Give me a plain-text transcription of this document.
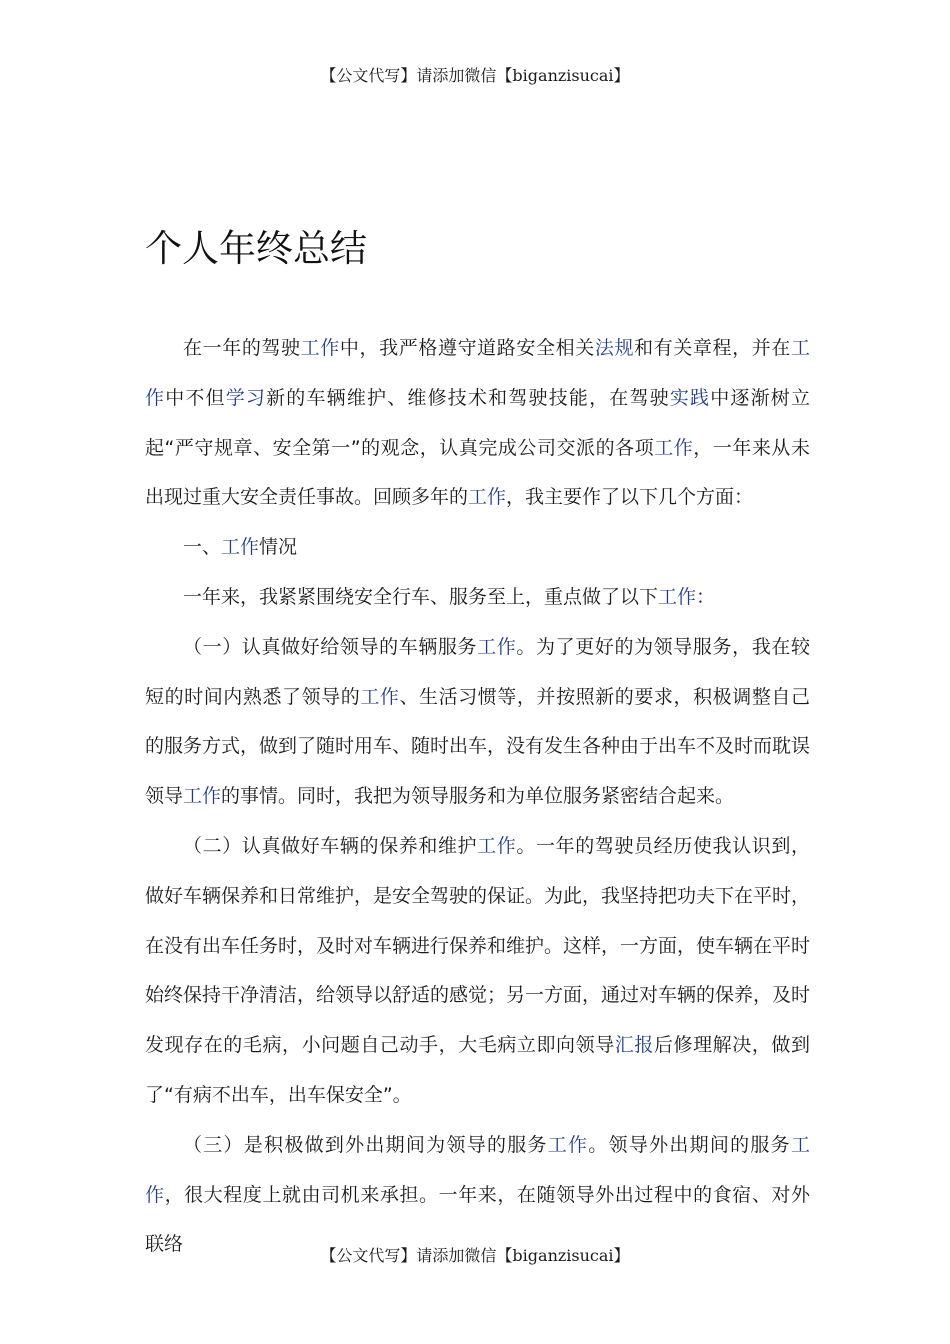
【公文代写】请添加微信【biganzisucai】
个人年终总结

在一年的驾驶工作中，我严格遵守道路安全相关法规和有关章程，并在工作中不但学习新的车辆维护、维修技术和驾驶技能，在驾驶实践中逐渐树立起“严守规章、安全第一”的观念，认真完成公司交派的各项工作，一年来从未出现过重大安全责任事故。回顾多年的工作，我主要作了以下几个方面：

一、工作情况

一年来，我紧紧围绕安全行车、服务至上，重点做了以下工作：

（一）认真做好给领导的车辆服务工作。为了更好的为领导服务，我在较短的时间内熟悉了领导的工作、生活习惯等，并按照新的要求，积极调整自己的服务方式，做到了随时用车、随时出车，没有发生各种由于出车不及时而耽误领导工作的事情。同时，我把为领导服务和为单位服务紧密结合起来。

（二）认真做好车辆的保养和维护工作。一年的驾驶员经历使我认识到，做好车辆保养和日常维护，是安全驾驶的保证。为此，我坚持把功夫下在平时，在没有出车任务时，及时对车辆进行保养和维护。这样，一方面，使车辆在平时始终保持干净清洁，给领导以舒适的感觉；另一方面，通过对车辆的保养，及时发现存在的毛病，小问题自己动手，大毛病立即向领导汇报后修理解决，做到了“有病不出车，出车保安全”。

（三）是积极做到外出期间为领导的服务工作。领导外出期间的服务工作，很大程度上就由司机来承担。一年来，在随领导外出过程中的食宿、对外联络

【公文代写】请添加微信【biganzisucai】
